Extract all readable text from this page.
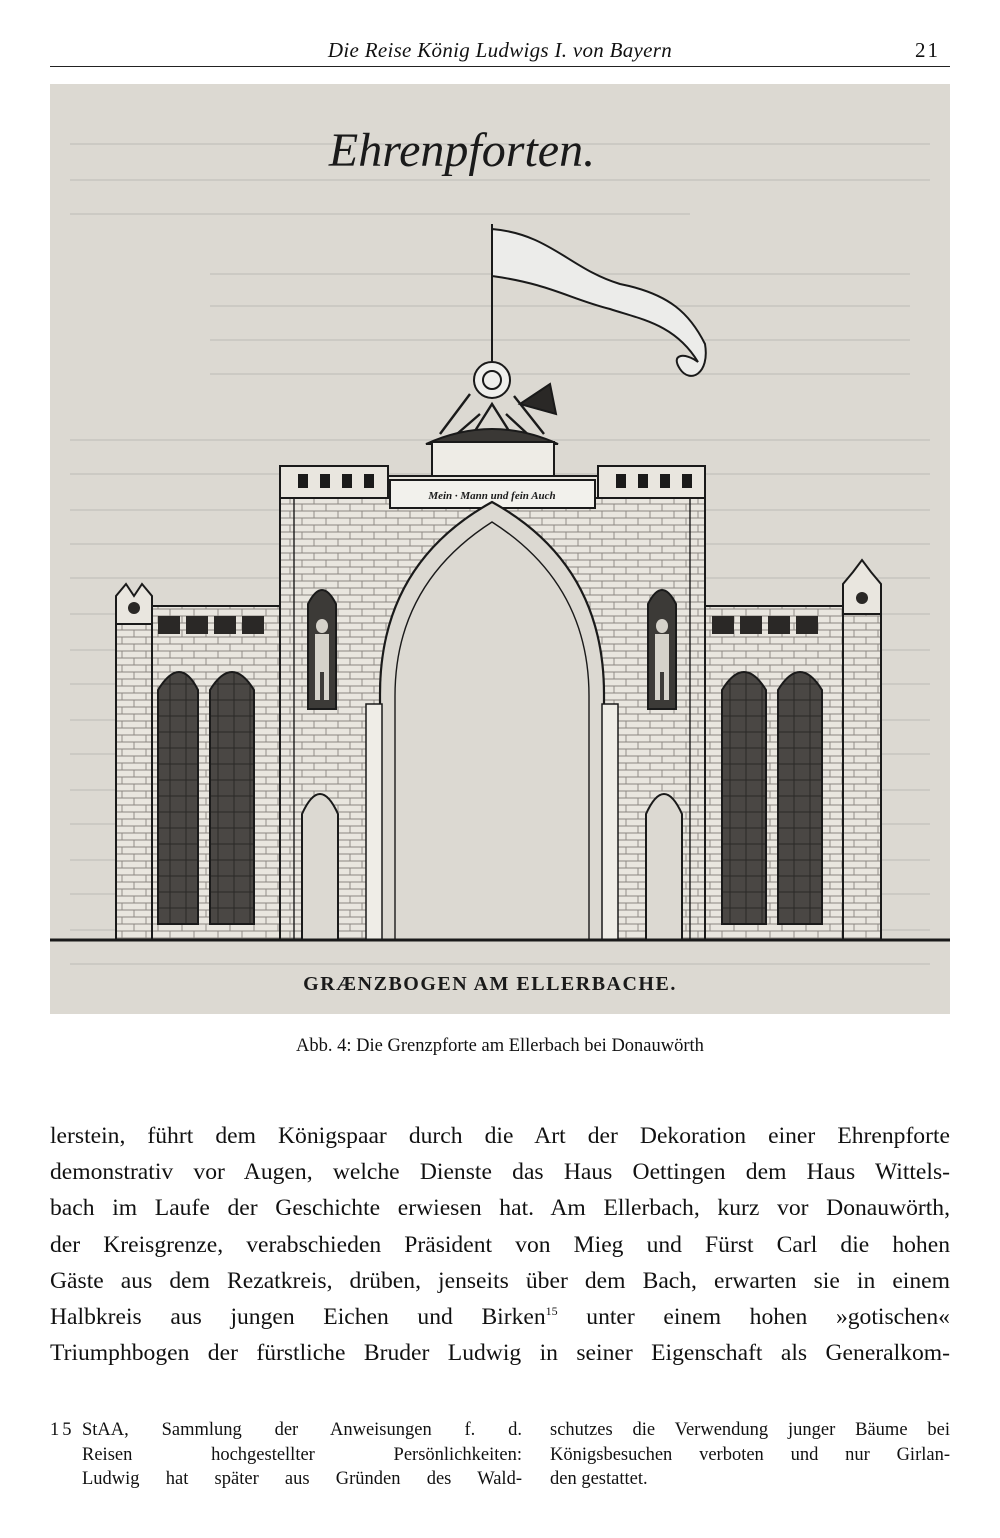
Die Reise König Ludwigs I. von Bayern	21
Ehrenpforten.
Mein · Mann und fein Auch
GRÆNZBOGEN AM ELLERBACHE.
Abb. 4: Die Grenzpforte am Ellerbach bei Donauwörth
lerstein, führt dem Königspaar durch die Art der Dekoration einer Ehrenpforte
demonstrativ vor Augen, welche Dienste das Haus Oettingen dem Haus Wittels-
bach im Laufe der Geschichte erwiesen hat. Am Ellerbach, kurz vor Donauwörth,
der Kreisgrenze, verabschieden Präsident von Mieg und Fürst Carl die hohen
Gäste aus dem Rezatkreis, drüben, jenseits über dem Bach, erwarten sie in einem
Halbkreis aus jungen Eichen und Birken$^{15}$ unter einem hohen »gotischen«
Triumphbogen der fürstliche Bruder Ludwig in seiner Eigenschaft als Generalkom-
15 StAA, Sammlung der Anweisungen f. d.
Reisen hochgestellter Persönlichkeiten:
Ludwig hat später aus Gründen des Wald-
schutzes die Verwendung junger Bäume bei
Königsbesuchen verboten und nur Girlan-
den gestattet.
